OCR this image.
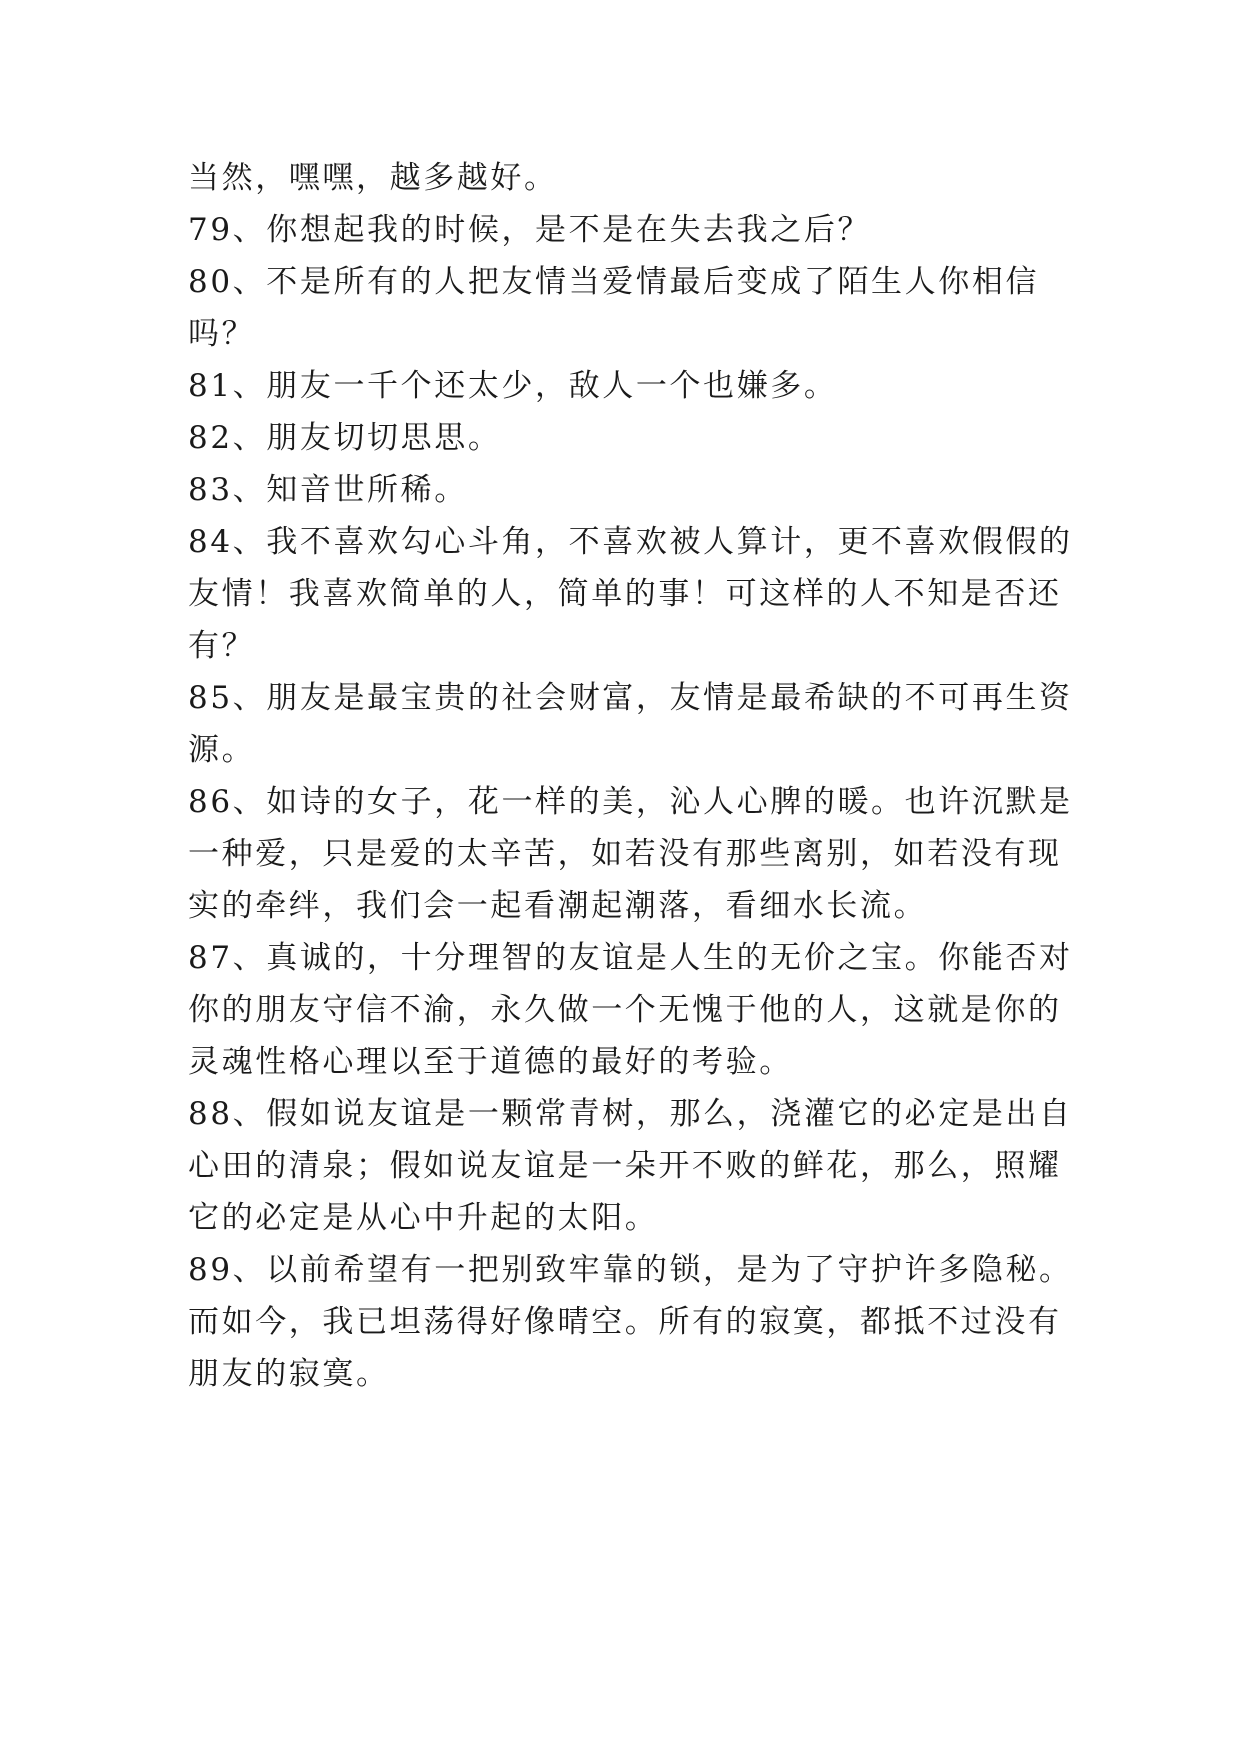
当然，嘿嘿，越多越好。
79、你想起我的时候，是不是在失去我之后？
80、不是所有的人把友情当爱情最后变成了陌生人你相信
吗？
81、朋友一千个还太少，敌人一个也嫌多。
82、朋友切切思思。
83、知音世所稀。
84、我不喜欢勾心斗角，不喜欢被人算计，更不喜欢假假的
友情！我喜欢简单的人，简单的事！可这样的人不知是否还
有？
85、朋友是最宝贵的社会财富，友情是最希缺的不可再生资
源。
86、如诗的女子，花一样的美，沁人心脾的暖。也许沉默是
一种爱，只是爱的太辛苦，如若没有那些离别，如若没有现
实的牵绊，我们会一起看潮起潮落，看细水长流。
87、真诚的，十分理智的友谊是人生的无价之宝。你能否对
你的朋友守信不渝，永久做一个无愧于他的人，这就是你的
灵魂性格心理以至于道德的最好的考验。
88、假如说友谊是一颗常青树，那么，浇灌它的必定是出自
心田的清泉；假如说友谊是一朵开不败的鲜花，那么，照耀
它的必定是从心中升起的太阳。
89、以前希望有一把别致牢靠的锁，是为了守护许多隐秘。
而如今，我已坦荡得好像晴空。所有的寂寞，都抵不过没有
朋友的寂寞。
